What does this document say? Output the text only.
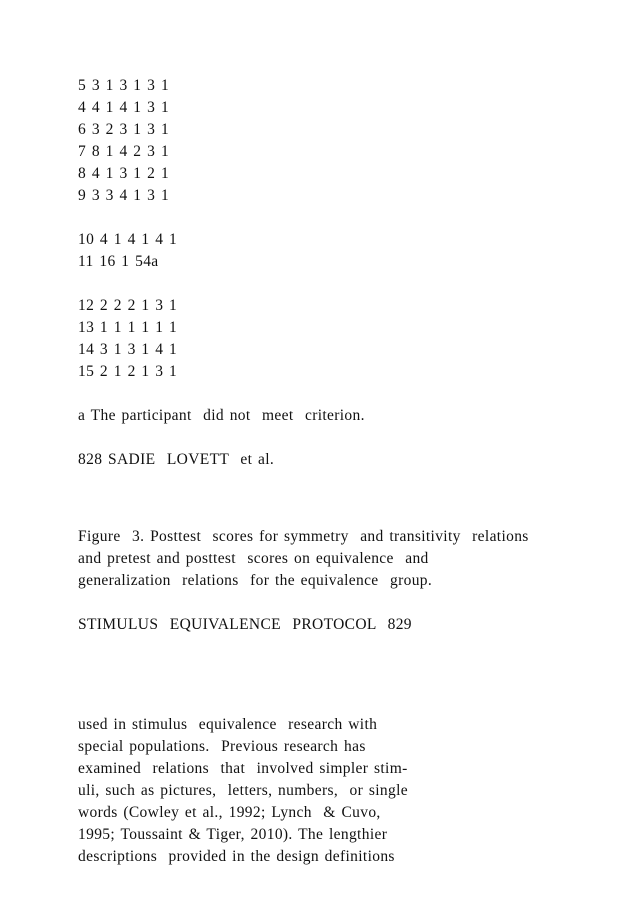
5 3 1 3 1 3 1
4 4 1 4 1 3 1
6 3 2 3 1 3 1
7 8 1 4 2 3 1
8 4 1 3 1 2 1
9 3 3 4 1 3 1
10 4 1 4 1 4 1
11 16 1 54a
12 2 2 2 1 3 1
13 1 1 1 1 1 1
14 3 1 3 1 4 1
15 2 1 2 1 3 1
a The participant  did not  meet  criterion.
828 SADIE  LOVETT  et al.
Figure  3. Posttest  scores for symmetry  and transitivity  relations
and pretest and posttest  scores on equivalence  and
generalization  relations  for the equivalence  group.
STIMULUS  EQUIVALENCE  PROTOCOL  829
used in stimulus  equivalence  research with
special populations.  Previous research has
examined  relations  that  involved simpler stim-
uli, such as pictures,  letters, numbers,  or single
words (Cowley et al., 1992; Lynch  & Cuvo,
1995; Toussaint & Tiger, 2010). The lengthier
descriptions  provided in the design definitions
